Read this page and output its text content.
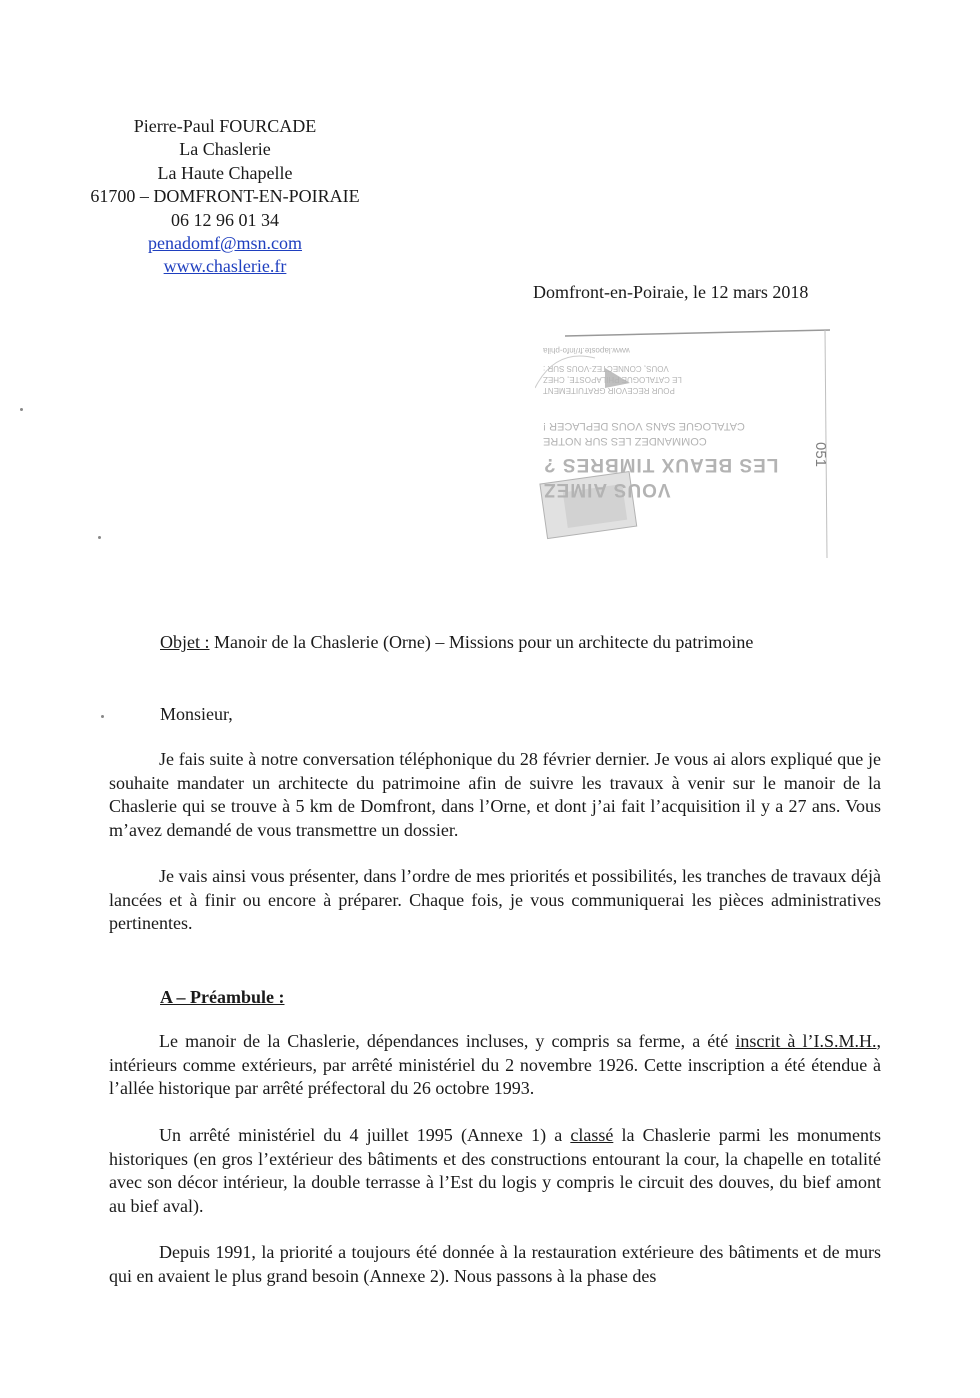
Pierre-Paul FOURCADE
La Chaslerie
La Haute Chapelle
61700 – DOMFRONT-EN-POIRAIE
06 12 96 01 34
penadomf@msn.com
www.chaslerie.fr
Domfront-en-Poiraie, le 12 mars 2018
VOUS AIMEZ
LES BEAUX TIMBRES ?
COMMANDEZ LES SUR NOTRE
CATALOGUE SANS VOUS DEPLACER !
POUR RECEVOIR GRATUITEMENT
LE CATALOGUE PHILAPOSTE, CHEZ
VOUS, CONNECTEZ-VOUS SUR :
www.laposte.fr/info-phila
051
Objet : Manoir de la Chaslerie (Orne) – Missions pour un architecte du patrimoine
Monsieur,
Je fais suite à notre conversation téléphonique du 28 février dernier. Je vous ai alors expliqué que je souhaite mandater un architecte du patrimoine afin de suivre les travaux à venir sur le manoir de la Chaslerie qui se trouve à 5 km de Domfront, dans l’Orne, et dont j’ai fait l’acquisition il y a 27 ans. Vous m’avez demandé de vous transmettre un dossier.
Je vais ainsi vous présenter, dans l’ordre de mes priorités et possibilités, les tranches de travaux déjà lancées et à finir ou encore à préparer. Chaque fois, je vous communiquerai les pièces administratives pertinentes.
A – Préambule :
Le manoir de la Chaslerie, dépendances incluses, y compris sa ferme, a été inscrit à l’I.S.M.H., intérieurs comme extérieurs, par arrêté ministériel du 2 novembre 1926. Cette inscription a été étendue à l’allée historique par arrêté préfectoral du 26 octobre 1993.
Un arrêté ministériel du 4 juillet 1995 (Annexe 1) a classé la Chaslerie parmi les monuments historiques (en gros l’extérieur des bâtiments et des constructions entourant la cour, la chapelle en totalité avec son décor intérieur, la double terrasse à l’Est du logis y compris le circuit des douves, du bief amont au bief aval).
Depuis 1991, la priorité a toujours été donnée à la restauration extérieure des bâtiments et de murs qui en avaient le plus grand besoin (Annexe 2). Nous passons à la phase des
